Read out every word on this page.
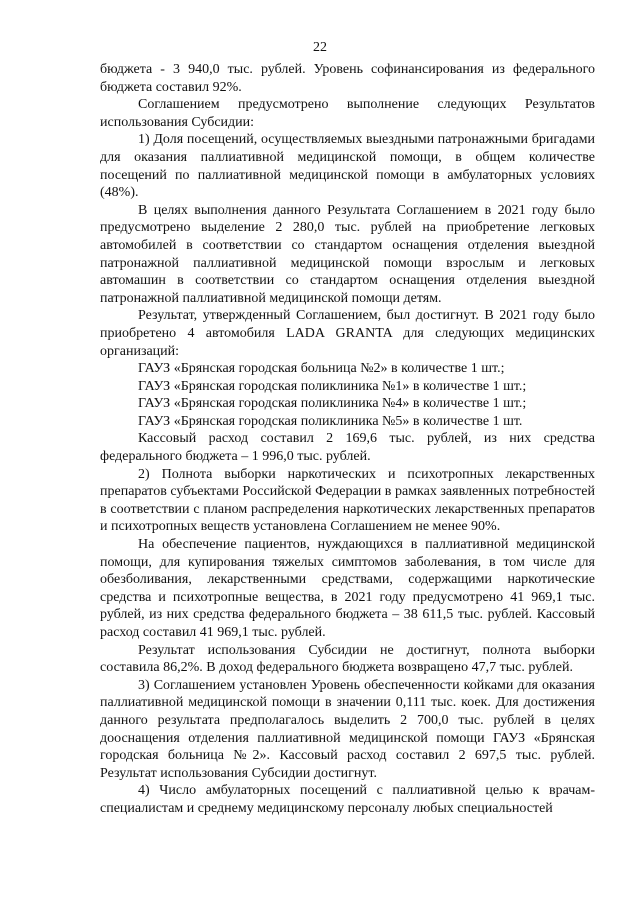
22

бюджета - 3 940,0 тыс. рублей. Уровень софинансирования из федерального бюджета составил 92%.

Соглашением предусмотрено выполнение следующих Результатов использования Субсидии:

1) Доля посещений, осуществляемых выездными патронажными бригадами для оказания паллиативной медицинской помощи, в общем количестве посещений по паллиативной медицинской помощи в амбулаторных условиях (48%).

В целях выполнения данного Результата Соглашением в 2021 году было предусмотрено выделение 2 280,0 тыс. рублей на приобретение легковых автомобилей в соответствии со стандартом оснащения отделения выездной патронажной паллиативной медицинской помощи взрослым и легковых автомашин в соответствии со стандартом оснащения отделения выездной патронажной паллиативной медицинской помощи детям.

Результат, утвержденный Соглашением, был достигнут. В 2021 году было приобретено 4 автомобиля LADA GRANTA для следующих медицинских организаций:

ГАУЗ «Брянская городская больница №2» в количестве 1 шт.;

ГАУЗ «Брянская городская поликлиника №1» в количестве 1 шт.;

ГАУЗ «Брянская городская поликлиника №4» в количестве 1 шт.;

ГАУЗ «Брянская городская поликлиника №5» в количестве 1 шт.

Кассовый расход составил 2 169,6 тыс. рублей, из них средства федерального бюджета – 1 996,0 тыс. рублей.

2) Полнота выборки наркотических и психотропных лекарственных препаратов субъектами Российской Федерации в рамках заявленных потребностей в соответствии с планом распределения наркотических лекарственных препаратов и психотропных веществ установлена Соглашением не менее 90%.

На обеспечение пациентов, нуждающихся в паллиативной медицинской помощи, для купирования тяжелых симптомов заболевания, в том числе для обезболивания, лекарственными средствами, содержащими наркотические средства и психотропные вещества, в 2021 году предусмотрено 41 969,1 тыс. рублей, из них средства федерального бюджета – 38 611,5 тыс. рублей. Кассовый расход составил 41 969,1 тыс. рублей.

Результат использования Субсидии не достигнут, полнота выборки составила 86,2%. В доход федерального бюджета возвращено 47,7 тыс. рублей.

3) Соглашением установлен Уровень обеспеченности койками для оказания паллиативной медицинской помощи в значении 0,111 тыс. коек. Для достижения данного результата предполагалось выделить 2 700,0 тыс. рублей в целях дооснащения отделения паллиативной медицинской помощи ГАУЗ «Брянская городская больница №2». Кассовый расход составил 2 697,5 тыс. рублей. Результат использования Субсидии достигнут.

4) Число амбулаторных посещений с паллиативной целью к врачам-специалистам и среднему медицинскому персоналу любых специальностей
